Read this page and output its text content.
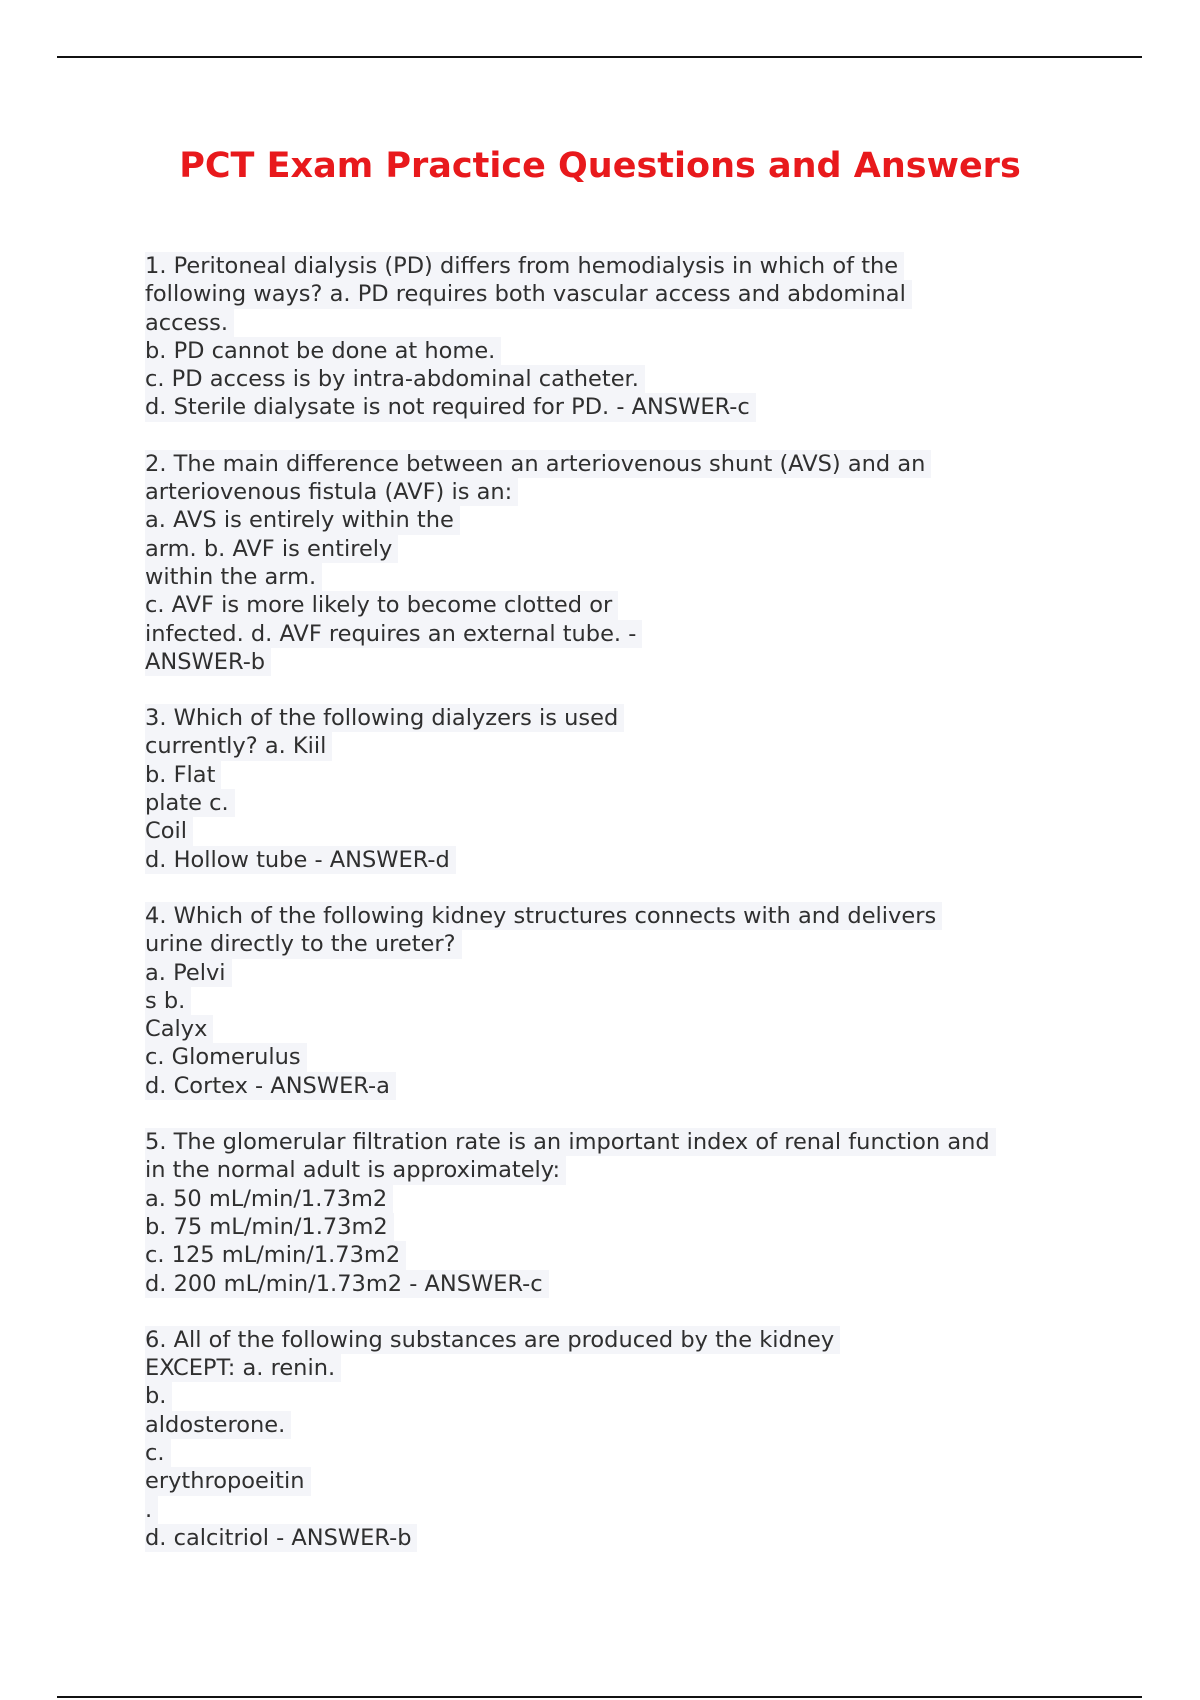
PCT Exam Practice Questions and Answers
1. Peritoneal dialysis (PD) differs from hemodialysis in which of the
following ways? a. PD requires both vascular access and abdominal
access.
b. PD cannot be done at home.
c. PD access is by intra-abdominal catheter.
d. Sterile dialysate is not required for PD. - ANSWER-c
2. The main difference between an arteriovenous shunt (AVS) and an
arteriovenous fistula (AVF) is an:
a. AVS is entirely within the
arm. b. AVF is entirely
within the arm.
c. AVF is more likely to become clotted or
infected. d. AVF requires an external tube. -
ANSWER-b
3. Which of the following dialyzers is used
currently? a. Kiil
b. Flat
plate c.
Coil
d. Hollow tube - ANSWER-d
4. Which of the following kidney structures connects with and delivers
urine directly to the ureter?
a. Pelvi
s b.
Calyx
c. Glomerulus
d. Cortex - ANSWER-a
5. The glomerular filtration rate is an important index of renal function and
in the normal adult is approximately:
a. 50 mL/min/1.73m2
b. 75 mL/min/1.73m2
c. 125 mL/min/1.73m2
d. 200 mL/min/1.73m2 - ANSWER-c
6. All of the following substances are produced by the kidney
EXCEPT: a. renin.
b.
aldosterone.
c.
erythropoeitin
.
d. calcitriol - ANSWER-b
